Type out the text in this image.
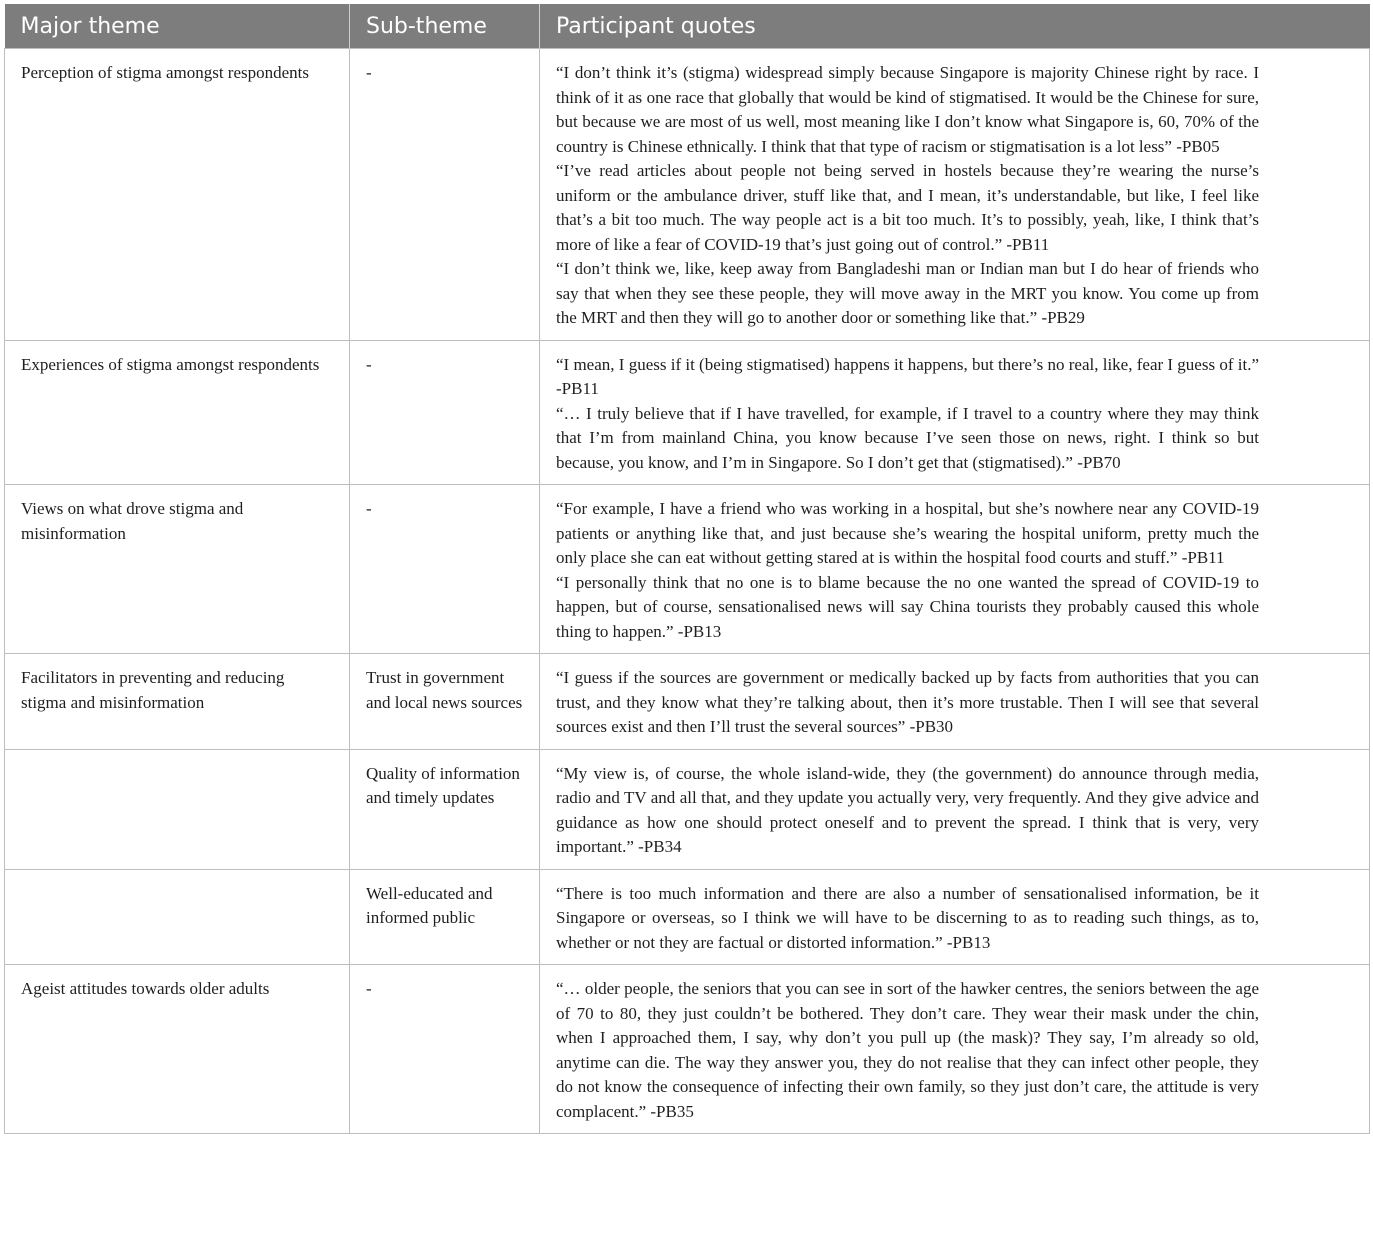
Major theme	Sub-theme	Participant quotes
Perception of stigma amongst respondents	-	“I don’t think it’s (stigma) widespread simply because Singapore is majority Chinese right by race. I think of it as one race that globally that would be kind of stigmatised. It would be the Chinese for sure, but because we are most of us well, most meaning like I don’t know what Singapore is, 60, 70% of the country is Chinese ethnically. I think that that type of racism or stigmatisation is a lot less” -PB05
“I’ve read articles about people not being served in hostels because they’re wearing the nurse’s uniform or the ambulance driver, stuff like that, and I mean, it’s understandable, but like, I feel like that’s a bit too much. The way people act is a bit too much. It’s to possibly, yeah, like, I think that’s more of like a fear of COVID-19 that’s just going out of control.” -PB11
“I don’t think we, like, keep away from Bangladeshi man or Indian man but I do hear of friends who say that when they see these people, they will move away in the MRT you know. You come up from the MRT and then they will go to another door or something like that.” -PB29

Experiences of stigma amongst respondents	-	“I mean, I guess if it (being stigmatised) happens it happens, but there’s no real, like, fear I guess of it.” -PB11
“… I truly believe that if I have travelled, for example, if I travel to a country where they may think that I’m from mainland China, you know because I’ve seen those on news, right. I think so but because, you know, and I’m in Singapore. So I don’t get that (stigmatised).” -PB70

Views on what drove stigma and misinformation	-	“For example, I have a friend who was working in a hospital, but she’s nowhere near any COVID-19 patients or anything like that, and just because she’s wearing the hospital uniform, pretty much the only place she can eat without getting stared at is within the hospital food courts and stuff.” -PB11
“I personally think that no one is to blame because the no one wanted the spread of COVID-19 to happen, but of course, sensationalised news will say China tourists they probably caused this whole thing to happen.” -PB13

Facilitators in preventing and reducing stigma and misinformation	Trust in government and local news sources	“I guess if the sources are government or medically backed up by facts from authorities that you can trust, and they know what they’re talking about, then it’s more trustable. Then I will see that several sources exist and then I’ll trust the several sources” -PB30

	Quality of information and timely updates	“My view is, of course, the whole island-wide, they (the government) do announce through media, radio and TV and all that, and they update you actually very, very frequently. And they give advice and guidance as how one should protect oneself and to prevent the spread. I think that is very, very important.” -PB34

	Well-educated and informed public	“There is too much information and there are also a number of sensationalised information, be it Singapore or overseas, so I think we will have to be discerning to as to reading such things, as to, whether or not they are factual or distorted information.” -PB13

Ageist attitudes towards older adults	-	“… older people, the seniors that you can see in sort of the hawker centres, the seniors between the age of 70 to 80, they just couldn’t be bothered. They don’t care. They wear their mask under the chin, when I approached them, I say, why don’t you pull up (the mask)? They say, I’m already so old, anytime can die. The way they answer you, they do not realise that they can infect other people, they do not know the consequence of infecting their own family, so they just don’t care, the attitude is very complacent.” -PB35
